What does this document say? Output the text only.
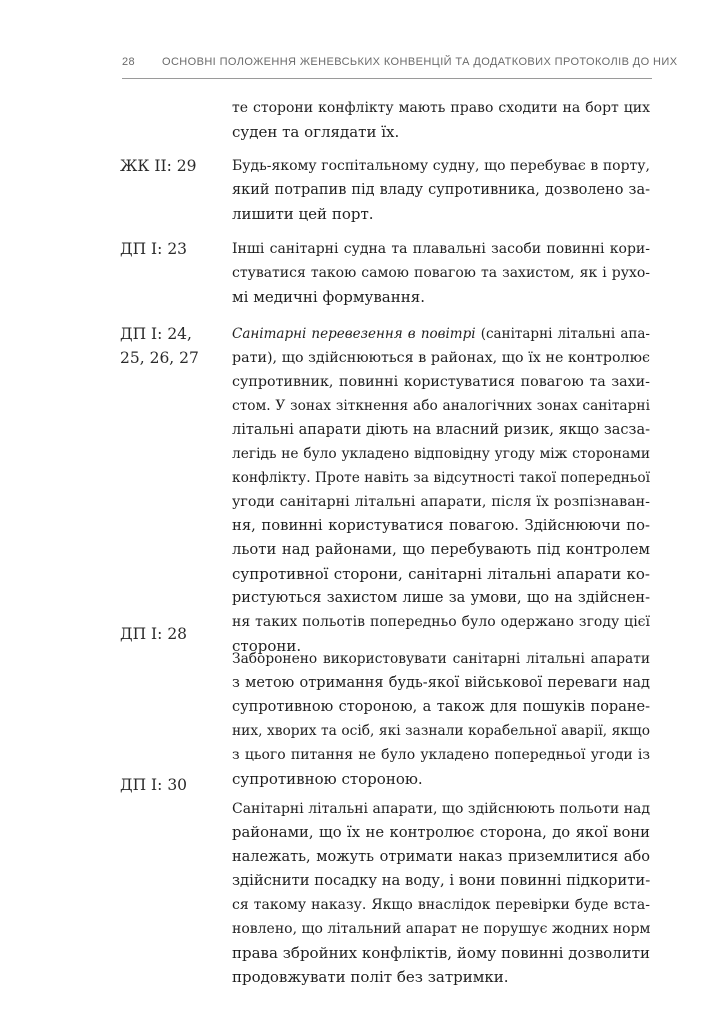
28 ОСНОВНІ ПОЛОЖЕННЯ ЖЕНЕВСЬКИХ КОНВЕНЦІЙ ТА ДОДАТКОВИХ ПРОТОКОЛІВ ДО НИХ
ЖК II: 29
ДП I: 23
ДП I: 24,
25, 26, 27
ДП I: 28
ДП I: 30
те сторони конфлікту мають право сходити на борт цих
суден та оглядати їх.
Будь-якому госпітальному судну, що перебуває в порту,
який потрапив під владу супротивника, дозволено за-
лишити цей порт.
Інші санітарні судна та плавальні засоби повинні кори-
стуватися такою самою повагою та захистом, як і рухо-
мі медичні формування.
Санітарні перевезення в повітрі (санітарні літальні апа-
рати), що здійснюються в районах, що їх не контролює
супротивник, повинні користуватися повагою та захи-
стом. У зонах зіткнення або аналогічних зонах санітарні
літальні апарати діють на власний ризик, якщо засза-
легідь не було укладено відповідну угоду між сторонами
конфлікту. Проте навіть за відсутності такої попередньої
угоди санітарні літальні апарати, після їх розпізнаван-
ня, повинні користуватися повагою. Здійснюючи по-
льоти над районами, що перебувають під контролем
супротивної сторони, санітарні літальні апарати ко-
ристуються захистом лише за умови, що на здійснен-
ня таких польотів попередньо було одержано згоду цієї
сторони.
Заборонено використовувати санітарні літальні апарати
з метою отримання будь-якої військової переваги над
супротивною стороною, а також для пошуків поранe-
них, хворих та осіб, які зазнали корабельної аварії, якщо
з цього питання не було укладено попередньої угоди із
супротивною стороною.
Санітарні літальні апарати, що здійснюють польоти над
районами, що їх не контролює сторона, до якої вони
належать, можуть отримати наказ приземлитися або
здійснити посадку на воду, і вони повинні підкорити-
ся такому наказу. Якщо внаслідок перевірки буде вста-
новлено, що літальний апарат не порушує жодних норм
права збройних конфліктів, йому повинні дозволити
продовжувати політ без затримки.
